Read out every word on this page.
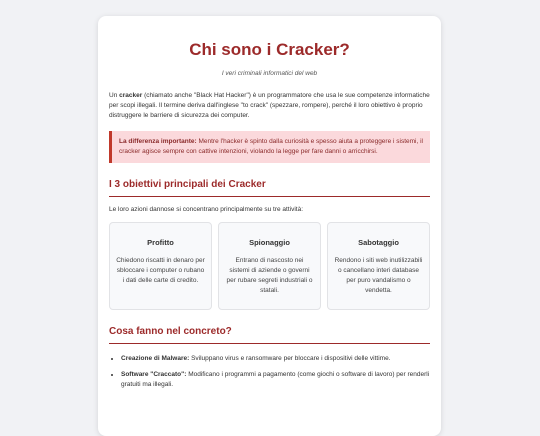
Chi sono i Cracker?
I veri criminali informatici del web

Un cracker (chiamato anche "Black Hat Hacker") è un programmatore che usa le sue competenze informatiche per scopi illegali. Il termine deriva dall'inglese "to crack" (spezzare, rompere), perché il loro obiettivo è proprio distruggere le barriere di sicurezza dei computer.

La differenza importante: Mentre l'hacker è spinto dalla curiosità e spesso aiuta a proteggere i sistemi, il cracker agisce sempre con cattive intenzioni, violando la legge per fare danni o arricchirsi.
I 3 obiettivi principali dei Cracker

Le loro azioni dannose si concentrano principalmente su tre attività:

Profitto

Chiedono riscatti in denaro per sbloccare i computer o rubano i dati delle carte di credito.

Spionaggio

Entrano di nascosto nei sistemi di aziende o governi per rubare segreti industriali o statali.

Sabotaggio

Rendono i siti web inutilizzabili o cancellano interi database per puro vandalismo o vendetta.

Cosa fanno nel concreto?
• Creazione di Malware: Sviluppano virus e ransomware per bloccare i dispositivi delle vittime.
• Software "Craccato": Modificano i programmi a pagamento (come giochi o software di lavoro) per renderli gratuiti ma illegali.
